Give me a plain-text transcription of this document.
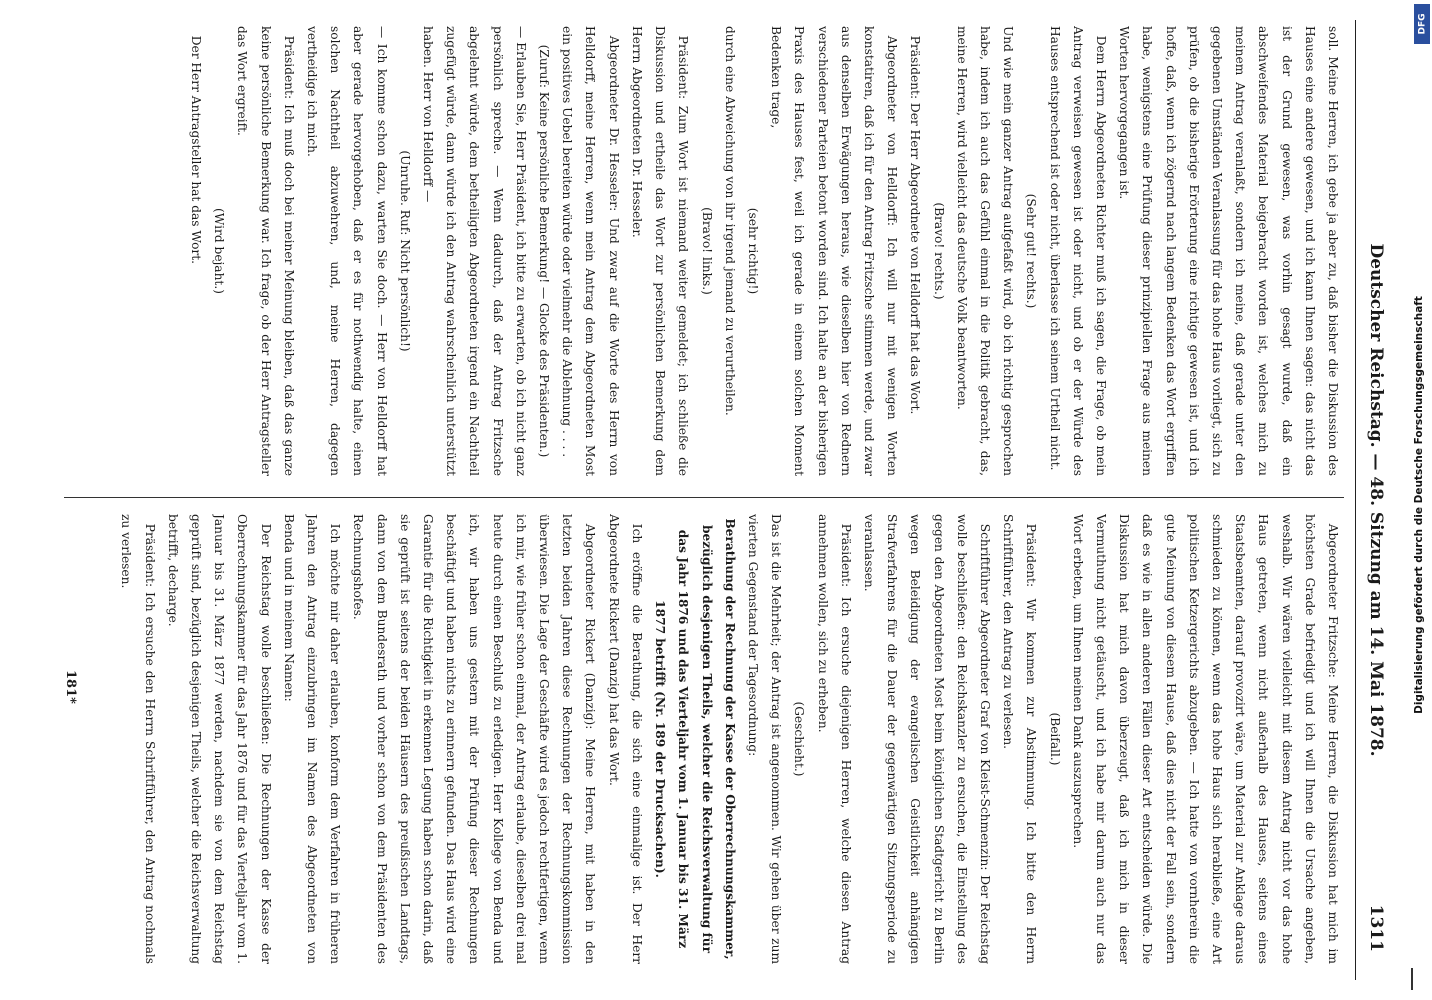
Deutscher Reichstag. — 48. Sitzung am 14. Mai 1878.
1311

soll. Meine Herren, ich gebe ja aber zu, daß bisher die Diskussion des Hauses eine andere gewesen, und ich kann Ihnen sagen: das nicht das ist der Grund gewesen, was vorhin gesagt wurde, daß ein abschweifendes Material beigebracht worden ist, welches mich zu meinem Antrag veranlaßt, sondern ich meine, daß gerade unter den gegebenen Umständen Veranlassung für das hohe Haus vorliegt, sich zu prüfen, ob die bisherige Erörterung eine richtige gewesen ist, und ich hoffe, daß, wenn ich zögernd nach langem Bedenken das Wort ergriffen habe, wenigstens eine Prüfung dieser prinzipiellen Frage aus meinen Worten hervorgegangen ist.

Dem Herrn Abgeordneten Richter muß ich sagen, die Frage, ob mein Antrag verweisen gewesen ist oder nicht, und ob er der Würde des Hauses entsprechend ist oder nicht, überlasse ich seinem Urtheil nicht.

(Sehr gut! rechts.)

Und wie mein ganzer Antrag aufgefaßt wird, ob ich richtig gesprochen habe, indem ich auch das Gefühl einmal in die Politik gebracht, das, meine Herren, wird vielleicht das deutsche Volk beantworten.

(Bravo! rechts.)

Präsident: Der Herr Abgeordnete von Helldorff hat das Wort.

Abgeordneter von Helldorff: Ich will nur mit wenigen Worten konstatiren, daß ich für den Antrag Fritzsche stimmen werde, und zwar aus denselben Erwägungen heraus, wie dieselben hier von Rednern verschiedener Parteien betont worden sind. Ich halte an der bisherigen Praxis des Hauses fest, weil ich gerade in einem solchen Moment Bedenken trage,

(sehr richtig!)

durch eine Abweichung von ihr irgend jemand zu verurtheilen.

(Bravo! links.)

Präsident: Zum Wort ist niemand weiter gemeldet; ich schließe die Diskussion und ertheile das Wort zur persönlichen Bemerkung dem Herrn Abgeordneten Dr. Hesseler.

Abgeordneter Dr. Hesseler: Und zwar auf die Worte des Herrn von Helldorff, meine Herren, wenn mein Antrag dem Abgeordneten Most ein positives Uebel bereiten würde oder vielmehr die Ablehnung . . . .

(Zuruf: Keine persönliche Bemerkung! — Glocke des Präsidenten.)

— Erlauben Sie, Herr Präsident, ich bitte zu erwarten, ob ich nicht ganz persönlich spreche. — Wenn dadurch, daß der Antrag Fritzsche abgelehnt würde, dem betheiligten Abgeordneten irgend ein Nachtheil zugefügt würde, dann würde ich den Antrag wahrscheinlich unterstützt haben. Herr von Helldorff —

(Unruhe. Ruf: Nicht persönlich!)

— Ich komme schon dazu, warten Sie doch. — Herr von Helldorff hat aber gerade hervorgehoben, daß er es für nothwendig halte, einen solchen Nachtheil abzuwehren, und, meine Herren, dagegen vertheidige ich mich.

Präsident: Ich muß doch bei meiner Meinung bleiben, daß das ganze keine persönliche Bemerkung war. Ich frage, ob der Herr Antragsteller das Wort ergreift.

(Wird bejaht.)

Der Herr Antragsteller hat das Wort.

Abgeordneter Fritzsche: Meine Herren, die Diskussion hat mich im höchsten Grade befriedigt und ich will Ihnen die Ursache angeben, weshalb. Wir wären vielleicht mit diesem Antrag nicht vor das hohe Haus getreten, wenn nicht außerhalb des Hauses, seitens eines Staatsbeamten, darauf provozirt wäre, um Material zur Anklage daraus schmieden zu können, wenn das hohe Haus sich herabließe, eine Art politischen Ketzergerichts abzugeben. — Ich hatte von vornherein die gute Meinung von diesem Hause, daß dies nicht der Fall sein, sondern daß es wie in allen anderen Fällen dieser Art entscheiden würde. Die Diskussion hat mich davon überzeugt, daß ich mich in dieser Vermuthung nicht getäuscht, und ich habe mir darum auch nur das Wort erbeten, um Ihnen meinen Dank auszusprechen.

(Beifall.)

Präsident: Wir kommen zur Abstimmung. Ich bitte den Herrn Schriftführer, den Antrag zu verlesen.

Schriftführer Abgeordneter Graf von Kleist-Schmenzin: Der Reichstag wolle beschließen: den Reichskanzler zu ersuchen, die Einstellung des gegen den Abgeordneten Most beim königlichen Stadtgericht zu Berlin wegen Beleidigung der evangelischen Geistlichkeit anhängigen Strafverfahrens für die Dauer der gegenwärtigen Sitzungsperiode zu veranlassen.

Präsident: Ich ersuche diejenigen Herren, welche diesen Antrag annehmen wollen, sich zu erheben.

(Geschieht.)

Das ist die Mehrheit; der Antrag ist angenommen. Wir gehen über zum vierten Gegenstand der Tagesordnung:

Berathung der Rechnung der Kasse der Oberrechnungskammer, bezüglich desjenigen Theils, welcher die Reichsverwaltung für das Jahr 1876 und das Vierteljahr vom 1. Januar bis 31. März 1877 betrifft (Nr. 189 der Drucksachen).

Ich eröffne die Berathung, die sich eine einmalige ist. Der Herr Abgeordnete Rickert (Danzig) hat das Wort.

Abgeordneter Rickert (Danzig): Meine Herren, mit haben in den letzten beiden Jahren diese Rechnungen der Rechnungskommission überwiesen. Die Lage der Geschäfte wird es jedoch rechtfertigen, wenn ich mir, wie früher schon einmal, der Antrag erlaube, dieselben drei mal heute durch einen Beschluß zu erledigen. Herr Kollege von Benda und ich, wir haben uns gestern mit der Prüfung dieser Rechnungen beschäftigt und haben nichts zu erinnern gefunden. Das Haus wird eine Garantie für die Richtigkeit in erkennen Legung haben schon darin, daß sie geprüft ist seitens der beiden Häusern des preußischen Landtags, dann von dem Bundesrath und vorher schon von dem Präsidenten des Rechnungshofes.

Ich möchte mir daher erlauben, konform dem Verfahren in früheren Jahren den Antrag einzubringen im Namen des Abgeordneten von Benda und in meinem Namen:

Der Reichstag wolle beschließen: Die Rechnungen der Kasse der Oberrechnungskammer für das Jahr 1876 und für das Vierteljahr vom 1. Januar bis 31. März 1877 werden, nachdem sie von dem Reichstag geprüft sind, bezüglich desjenigen Theils, welcher die Reichsverwaltung betrifft, decharge.

Präsident: Ich ersuche den Herrn Schriftführer, den Antrag nochmals zu verlesen.

181*	Digitalisierung gefördert durch die Deutsche Forschungsgemeinschaft
DFG
